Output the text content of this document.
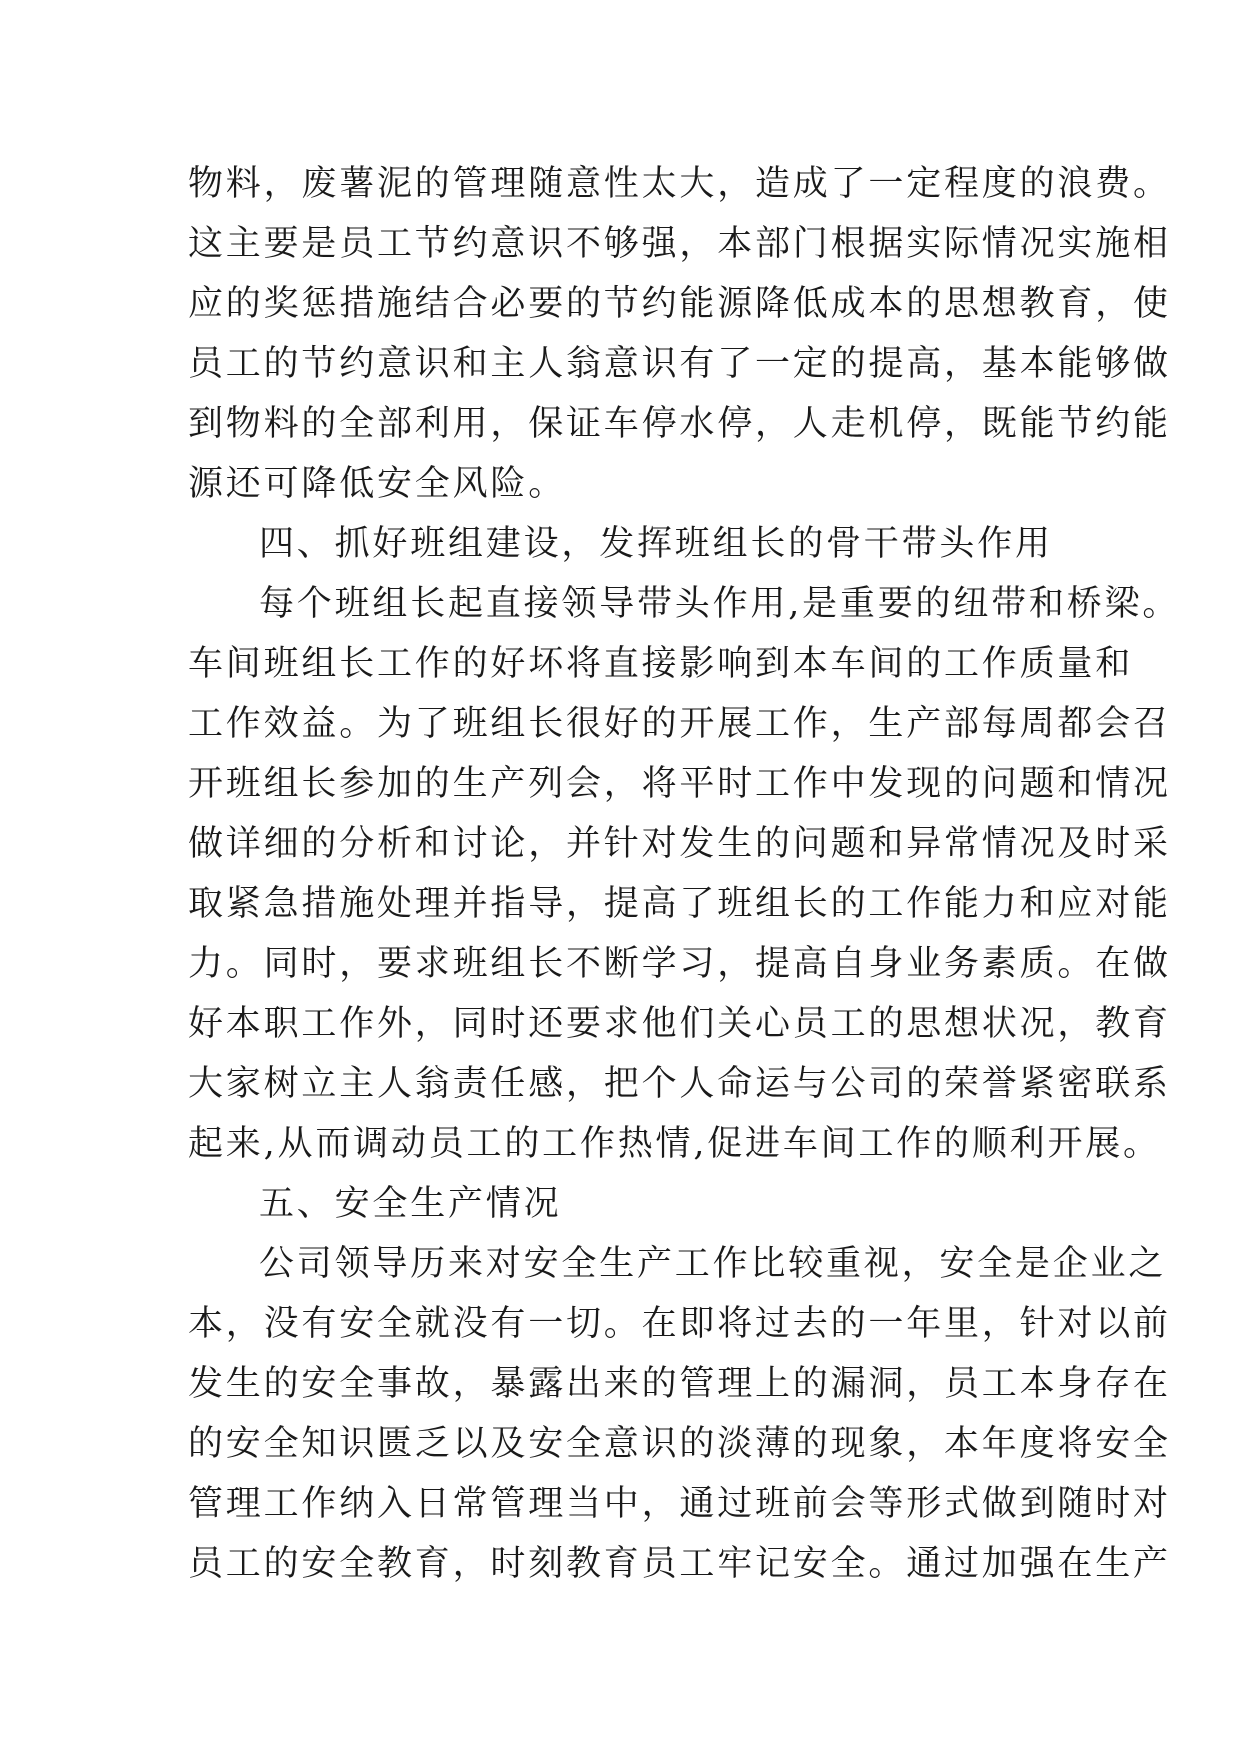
物料，废薯泥的管理随意性太大，造成了一定程度的浪费。
这主要是员工节约意识不够强，本部门根据实际情况实施相
应的奖惩措施结合必要的节约能源降低成本的思想教育，使
员工的节约意识和主人翁意识有了一定的提高，基本能够做
到物料的全部利用，保证车停水停，人走机停，既能节约能
源还可降低安全风险。
四、抓好班组建设，发挥班组长的骨干带头作用
每个班组长起直接领导带头作用,是重要的纽带和桥梁。
车间班组长工作的好坏将直接影响到本车间的工作质量和
工作效益。为了班组长很好的开展工作，生产部每周都会召
开班组长参加的生产列会，将平时工作中发现的问题和情况
做详细的分析和讨论，并针对发生的问题和异常情况及时采
取紧急措施处理并指导，提高了班组长的工作能力和应对能
力。同时，要求班组长不断学习，提高自身业务素质。在做
好本职工作外，同时还要求他们关心员工的思想状况，教育
大家树立主人翁责任感，把个人命运与公司的荣誉紧密联系
起来,从而调动员工的工作热情,促进车间工作的顺利开展。
五、安全生产情况
公司领导历来对安全生产工作比较重视，安全是企业之
本，没有安全就没有一切。在即将过去的一年里，针对以前
发生的安全事故，暴露出来的管理上的漏洞，员工本身存在
的安全知识匮乏以及安全意识的淡薄的现象，本年度将安全
管理工作纳入日常管理当中，通过班前会等形式做到随时对
员工的安全教育，时刻教育员工牢记安全。通过加强在生产
